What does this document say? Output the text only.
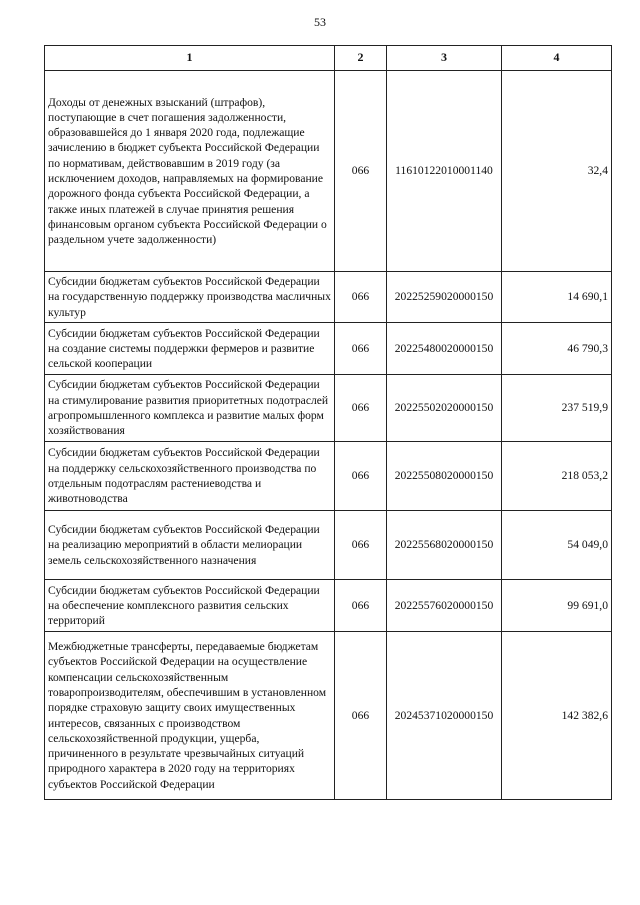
53
1	2	3	4
Доходы от денежных взысканий (штрафов), поступающие в счет погашения задолженности, образовавшейся до 1 января 2020 года, подлежащие зачислению в бюджет субъекта Российской Федерации по нормативам, действовавшим в 2019 году (за исключением доходов, направляемых на формирование дорожного фонда субъекта Российской Федерации, а также иных платежей в случае принятия решения финансовым органом субъекта Российской Федерации о раздельном учете задолженности)	066	11610122010001140	32,4
Субсидии бюджетам субъектов Российской Федерации на государственную поддержку производства масличных культур	066	20225259020000150	14 690,1
Субсидии бюджетам субъектов Российской Федерации на создание системы поддержки фермеров и развитие сельской кооперации	066	20225480020000150	46 790,3
Субсидии бюджетам субъектов Российской Федерации на стимулирование развития приоритетных подотраслей агропромышленного комплекса и развитие малых форм хозяйствования	066	20225502020000150	237 519,9
Субсидии бюджетам субъектов Российской Федерации на поддержку сельскохозяйственного производства по отдельным подотраслям растениеводства и животноводства	066	20225508020000150	218 053,2
Субсидии бюджетам субъектов Российской Федерации на реализацию мероприятий в области мелиорации земель сельскохозяйственного назначения	066	20225568020000150	54 049,0
Субсидии бюджетам субъектов Российской Федерации на обеспечение комплексного развития сельских территорий	066	20225576020000150	99 691,0
Межбюджетные трансферты, передаваемые бюджетам субъектов Российской Федерации на осуществление компенсации сельскохозяйственным товаропроизводителям, обеспечившим в установленном порядке страховую защиту своих имущественных интересов, связанных с производством сельскохозяйственной продукции, ущерба, причиненного в результате чрезвычайных ситуаций природного характера в 2020 году на территориях субъектов Российской Федерации	066	20245371020000150	142 382,6
